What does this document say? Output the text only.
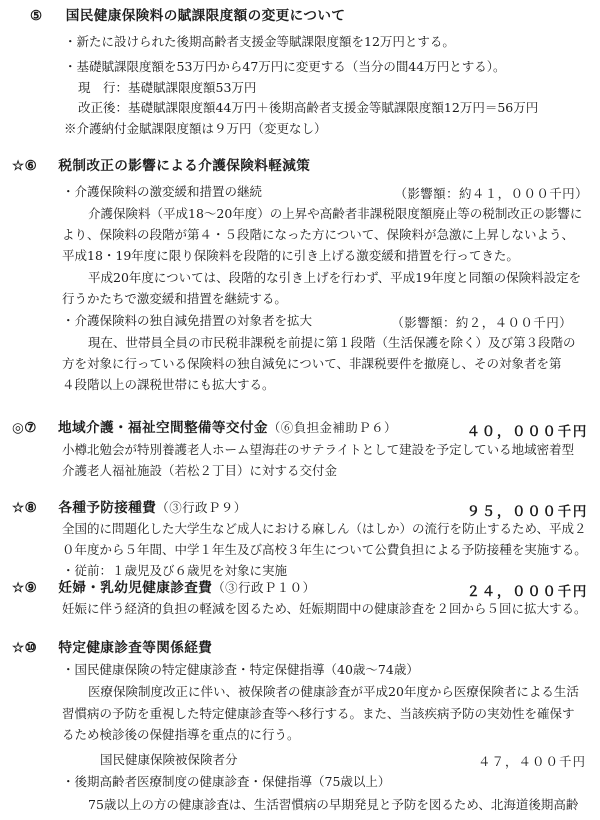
⑤ 国民健康保険料の賦課限度額の変更について
・新たに設けられた後期高齢者支援金等賦課限度額を12万円とする。
・基礎賦課限度額を53万円から47万円に変更する（当分の間44万円とする）。
現　行：基礎賦課限度額53万円
改正後：基礎賦課限度額44万円＋後期高齢者支援金等賦課限度額12万円＝56万円
※介護納付金賦課限度額は９万円（変更なし）
☆⑥ 税制改正の影響による介護保険料軽減策
・介護保険料の激変緩和措置の継続	（影響額：約４１，０００千円）
介護保険料（平成18～20年度）の上昇や高齢者非課税限度額廃止等の税制改正の影響に
より、保険料の段階が第４・５段階になった方について、保険料が急激に上昇しないよう、
平成18・19年度に限り保険料を段階的に引き上げる激変緩和措置を行ってきた。
平成20年度については、段階的な引き上げを行わず、平成19年度と同額の保険料設定を
行うかたちで激変緩和措置を継続する。
・介護保険料の独自減免措置の対象者を拡大	（影響額：約２，４００千円）
現在、世帯員全員の市民税非課税を前提に第１段階（生活保護を除く）及び第３段階の
方を対象に行っている保険料の独自減免について、非課税要件を撤廃し、その対象者を第
４段階以上の課税世帯にも拡大する。
◎⑦ 地域介護・福祉空間整備等交付金（⑥負担金補助Ｐ６）	４０，０００千円
小樽北勉会が特別養護老人ホーム望海荘のサテライトとして建設を予定している地域密着型
介護老人福祉施設（若松２丁目）に対する交付金
☆⑧ 各種予防接種費（③行政Ｐ９）	９５，０００千円
全国的に問題化した大学生など成人における麻しん（はしか）の流行を防止するため、平成２
０年度から５年間、中学１年生及び高校３年生について公費負担による予防接種を実施する。
・従前：１歳児及び６歳児を対象に実施
☆⑨ 妊婦・乳幼児健康診査費（③行政Ｐ１０）	２４，０００千円
妊娠に伴う経済的負担の軽減を図るため、妊娠期間中の健康診査を２回から５回に拡大する。
☆⑩ 特定健康診査等関係経費
・国民健康保険の特定健康診査・特定保健指導（40歳～74歳）
医療保険制度改正に伴い、被保険者の健康診査が平成20年度から医療保険者による生活
習慣病の予防を重視した特定健康診査等へ移行する。また、当該疾病予防の実効性を確保す
るため検診後の保健指導を重点的に行う。
国民健康保険被保険者分	４７，４００千円
・後期高齢者医療制度の健康診査・保健指導（75歳以上）
75歳以上の方の健康診査は、生活習慣病の早期発見と予防を図るため、北海道後期高齢
